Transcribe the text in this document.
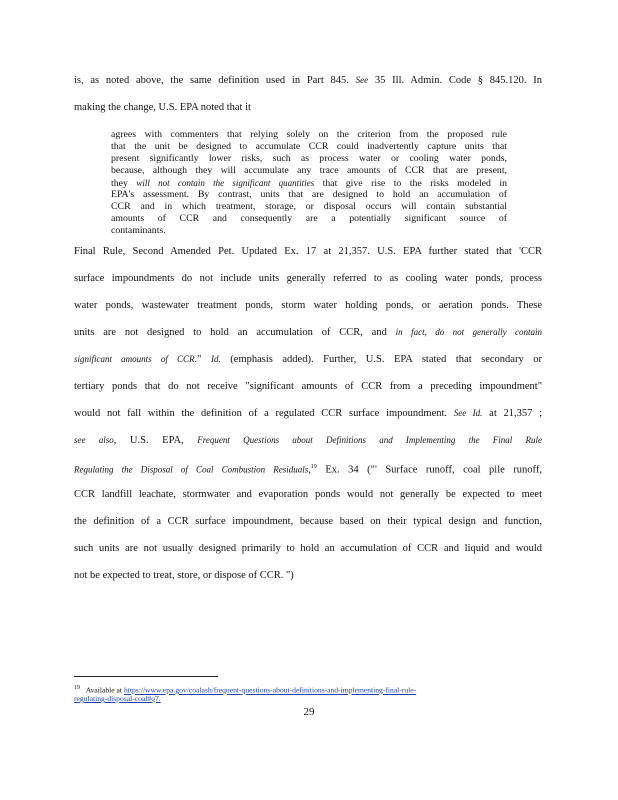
is, as noted above, the same definition used in Part 845. See 35 Ill. Admin. Code § 845.120. In
making the change, U.S. EPA noted that it
agrees with commenters that relying solely on the criterion from the proposed rule
that the unit be designed to accumulate CCR could inadvertently capture units that
present significantly lower risks, such as process water or cooling water ponds,
because, although they will accumulate any trace amounts of CCR that are present,
they will not contain the significant quantities that give rise to the risks modeled in
EPA's assessment. By contrast, units that are designed to hold an accumulation of
CCR and in which treatment, storage, or disposal occurs will contain substantial
amounts of CCR and consequently are a potentially significant source of
contaminants.
Final Rule, Second Amended Pet. Updated Ex. 17 at 21,357. U.S. EPA further stated that 'CCR
surface impoundments do not include units generally referred to as cooling water ponds, process
water ponds, wastewater treatment ponds, storm water holding ponds, or aeration ponds. These
units are not designed to hold an accumulation of CCR, and in fact, do not generally contain
significant amounts of CCR." Id. (emphasis added). Further, U.S. EPA stated that secondary or
tertiary ponds that do not receive "significant amounts of CCR from a preceding impoundment"
would not fall within the definition of a regulated CCR surface impoundment. See Id. at 21,357 ;
see also, U.S. EPA, Frequent Questions about Definitions and Implementing the Final Rule
Regulating the Disposal of Coal Combustion Residuals,$^{19}$ Ex. 34 ("' Surface runoff, coal pile runoff,
CCR landfill leachate, stormwater and evaporation ponds would not generally be expected to meet
the definition of a CCR surface impoundment, because based on their typical design and function,
such units are not usually designed primarily to hold an accumulation of CCR and liquid and would
not be expected to treat, store, or dispose of CCR. ")
$^{19}$ Available at https://www.epa.gov/coalash/frequent-questions-about-definitions-and-implementing-final-rule-
regulating-disposal-coal#q7.
29
